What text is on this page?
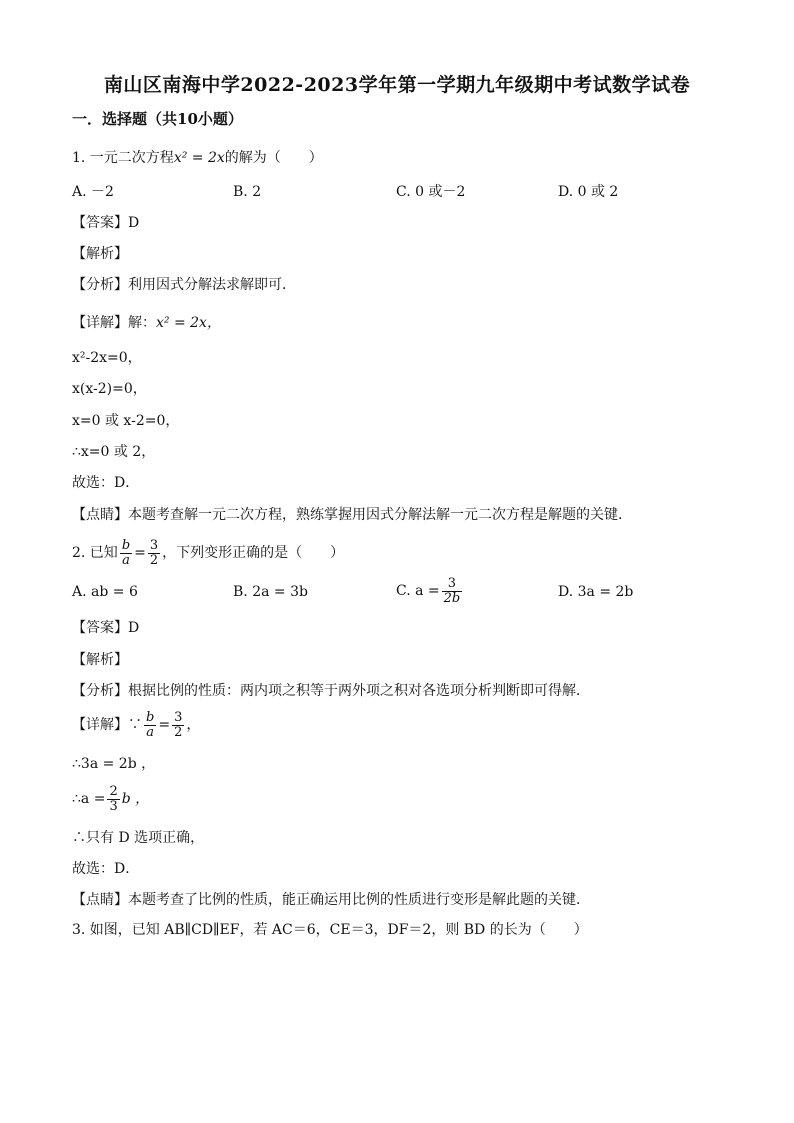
南山区南海中学2022-2023学年第一学期九年级期中考试数学试卷
一．选择题（共10小题）
1. 一元二次方程x² = 2x的解为（　　）
A. －2	B. 2	C. 0 或－2	D. 0 或 2
【答案】D
【解析】
【分析】利用因式分解法求解即可．
【详解】解：x² = 2x，
x²-2x=0，
x(x-2)=0，
x=0 或 x-2=0，
∴x=0 或 2，
故选：D．
【点睛】本题考查解一元二次方程，熟练掌握用因式分解法解一元二次方程是解题的关键．
2. 已知 $\frac{b}{a} = \frac{3}{2}$ ，下列变形正确的是（　　）
A. ab = 6	B. 2a = 3b	C. $a = \frac{3}{2b}$	D. 3a = 2b
【答案】D
【解析】
【分析】根据比例的性质：两内项之积等于两外项之积对各选项分析判断即可得解．
【详解】∵ $\frac{b}{a} = \frac{3}{2}$ ，
∴3a = 2b ，
∴a = $\frac{2}{3}$ b ，
∴只有 D 选项正确，
故选：D．
【点睛】本题考查了比例的性质，能正确运用比例的性质进行变形是解此题的关键．
3. 如图，已知 AB∥CD∥EF，若 AC＝6，CE＝3，DF＝2，则 BD 的长为（　　）
